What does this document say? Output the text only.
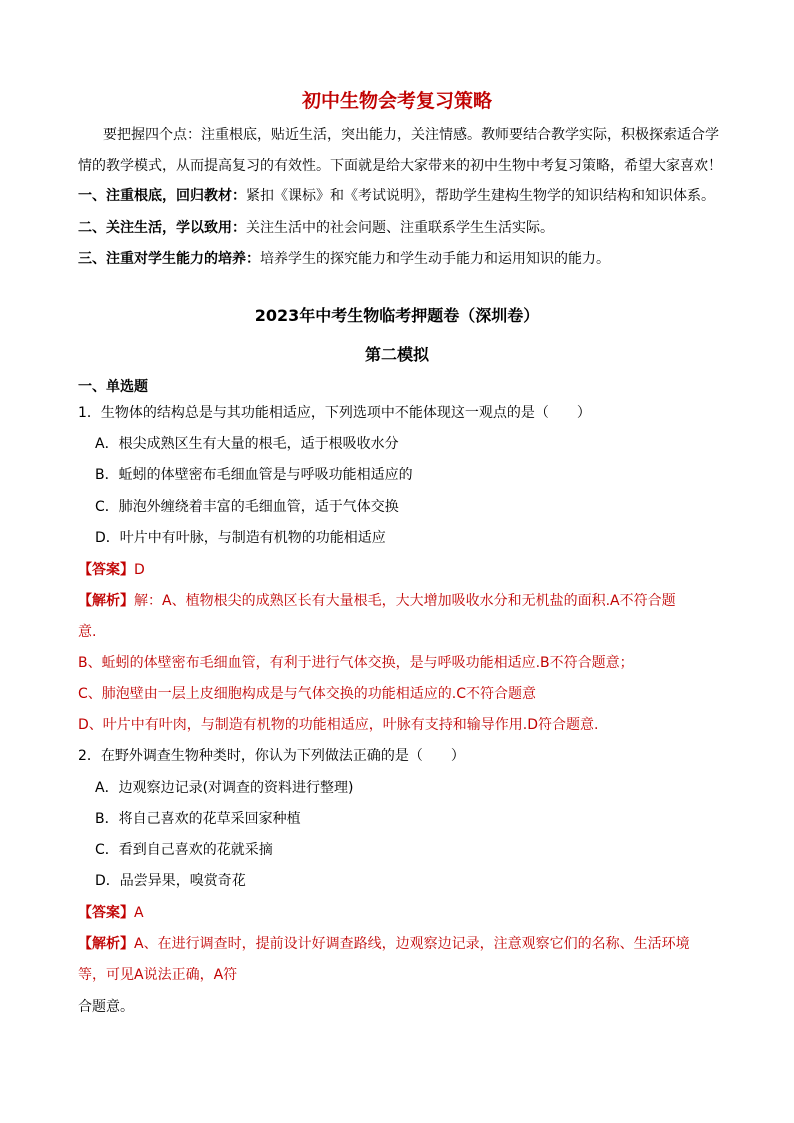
初中生物会考复习策略
要把握四个点：注重根底，贴近生活，突出能力，关注情感。教师要结合教学实际，积极探索适合学
情的教学模式，从而提高复习的有效性。下面就是给大家带来的初中生物中考复习策略，希望大家喜欢！
一、注重根底，回归教材：紧扣《课标》和《考试说明》，帮助学生建构生物学的知识结构和知识体系。
二、关注生活，学以致用：关注生活中的社会问题、注重联系学生生活实际。
三、注重对学生能力的培养：培养学生的探究能力和学生动手能力和运用知识的能力。
2023年中考生物临考押题卷（深圳卷）
第二模拟
一、单选题
1．生物体的结构总是与其功能相适应，下列选项中不能体现这一观点的是（　　）
A．根尖成熟区生有大量的根毛，适于根吸收水分
B．蚯蚓的体壁密布毛细血管是与呼吸功能相适应的
C．肺泡外缠绕着丰富的毛细血管，适于气体交换
D．叶片中有叶脉，与制造有机物的功能相适应
【答案】D
【解析】解：A、植物根尖的成熟区长有大量根毛，大大增加吸收水分和无机盐的面积.A不符合题
意.
B、蚯蚓的体壁密布毛细血管，有利于进行气体交换，是与呼吸功能相适应.B不符合题意；
C、肺泡壁由一层上皮细胞构成是与气体交换的功能相适应的.C不符合题意
D、叶片中有叶肉，与制造有机物的功能相适应，叶脉有支持和输导作用.D符合题意.
2．在野外调查生物种类时，你认为下列做法正确的是（　　）
A．边观察边记录(对调查的资料进行整理)
B．将自己喜欢的花草采回家种植
C．看到自己喜欢的花就采摘
D．品尝异果，嗅赏奇花
【答案】A
【解析】A、在进行调查时，提前设计好调查路线，边观察边记录，注意观察它们的名称、生活环境
等，可见A说法正确，A符
合题意。
